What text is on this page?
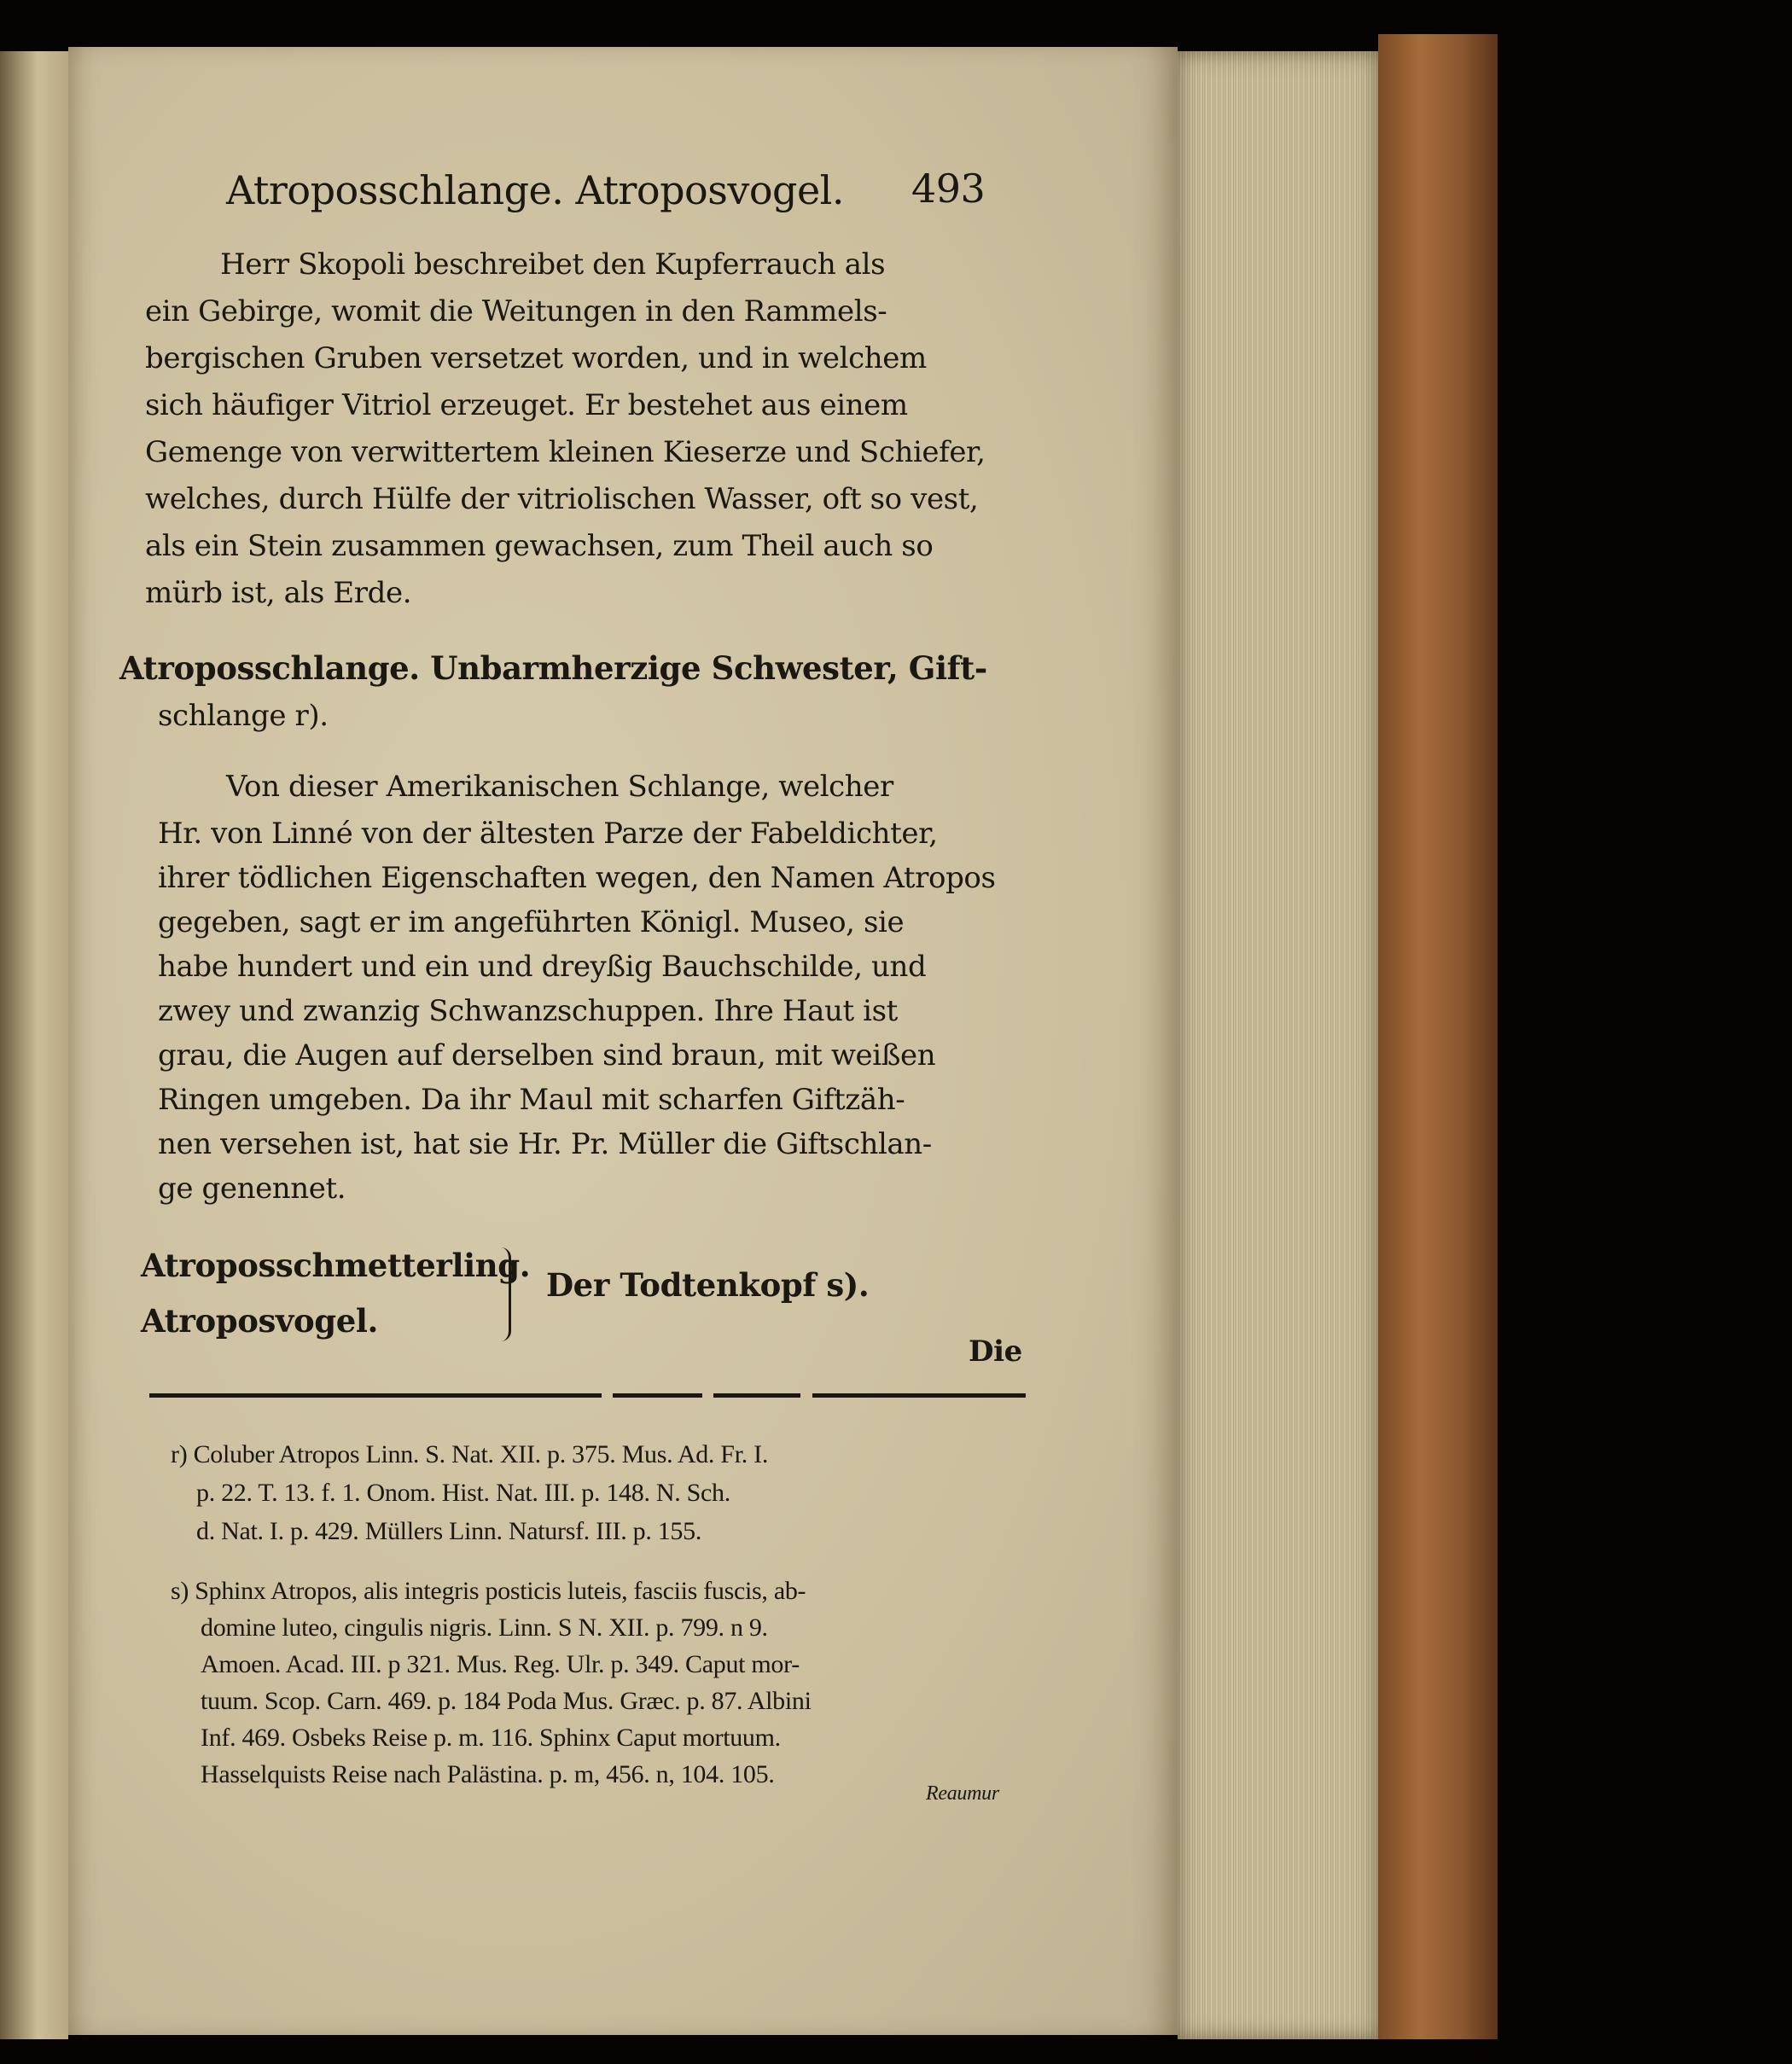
Atroposschlange. Atroposvogel. 493
Herr Skopoli beschreibet den Kupferrauch als
ein Gebirge, womit die Weitungen in den Rammels-
bergischen Gruben versetzet worden, und in welchem
sich häufiger Vitriol erzeuget. Er bestehet aus einem
Gemenge von verwittertem kleinen Kieserze und Schiefer,
welches, durch Hülfe der vitriolischen Wasser, oft so vest,
als ein Stein zusammen gewachsen, zum Theil auch so
mürb ist, als Erde.
Atroposschlange. Unbarmherzige Schwester, Gift-
schlange r).
Von dieser Amerikanischen Schlange, welcher
Hr. von Linné von der ältesten Parze der Fabeldichter,
ihrer tödlichen Eigenschaften wegen, den Namen Atropos
gegeben, sagt er im angeführten Königl. Museo, sie
habe hundert und ein und dreyßig Bauchschilde, und
zwey und zwanzig Schwanzschuppen. Ihre Haut ist
grau, die Augen auf derselben sind braun, mit weißen
Ringen umgeben. Da ihr Maul mit scharfen Giftzäh-
nen versehen ist, hat sie Hr. Pr. Müller die Giftschlan-
ge genennet.
Atroposschmetterling.
Atroposvogel.
Der Todtenkopf s).
Die
r) Coluber Atropos Linn. S. Nat. XII. p. 375. Mus. Ad. Fr. I.
p. 22. T. 13. f. 1. Onom. Hist. Nat. III. p. 148. N. Sch.
d. Nat. I. p. 429. Müllers Linn. Natursf. III. p. 155.
s) Sphinx Atropos, alis integris posticis luteis, fasciis fuscis, ab-
domine luteo, cingulis nigris. Linn. S N. XII. p. 799. n 9.
Amoen. Acad. III. p 321. Mus. Reg. Ulr. p. 349. Caput mor-
tuum. Scop. Carn. 469. p. 184 Poda Mus. Græc. p. 87. Albini
Inf. 469. Osbeks Reise p. m. 116. Sphinx Caput mortuum.
Hasselquists Reise nach Palästina. p. m, 456. n, 104. 105.
Reaumur
